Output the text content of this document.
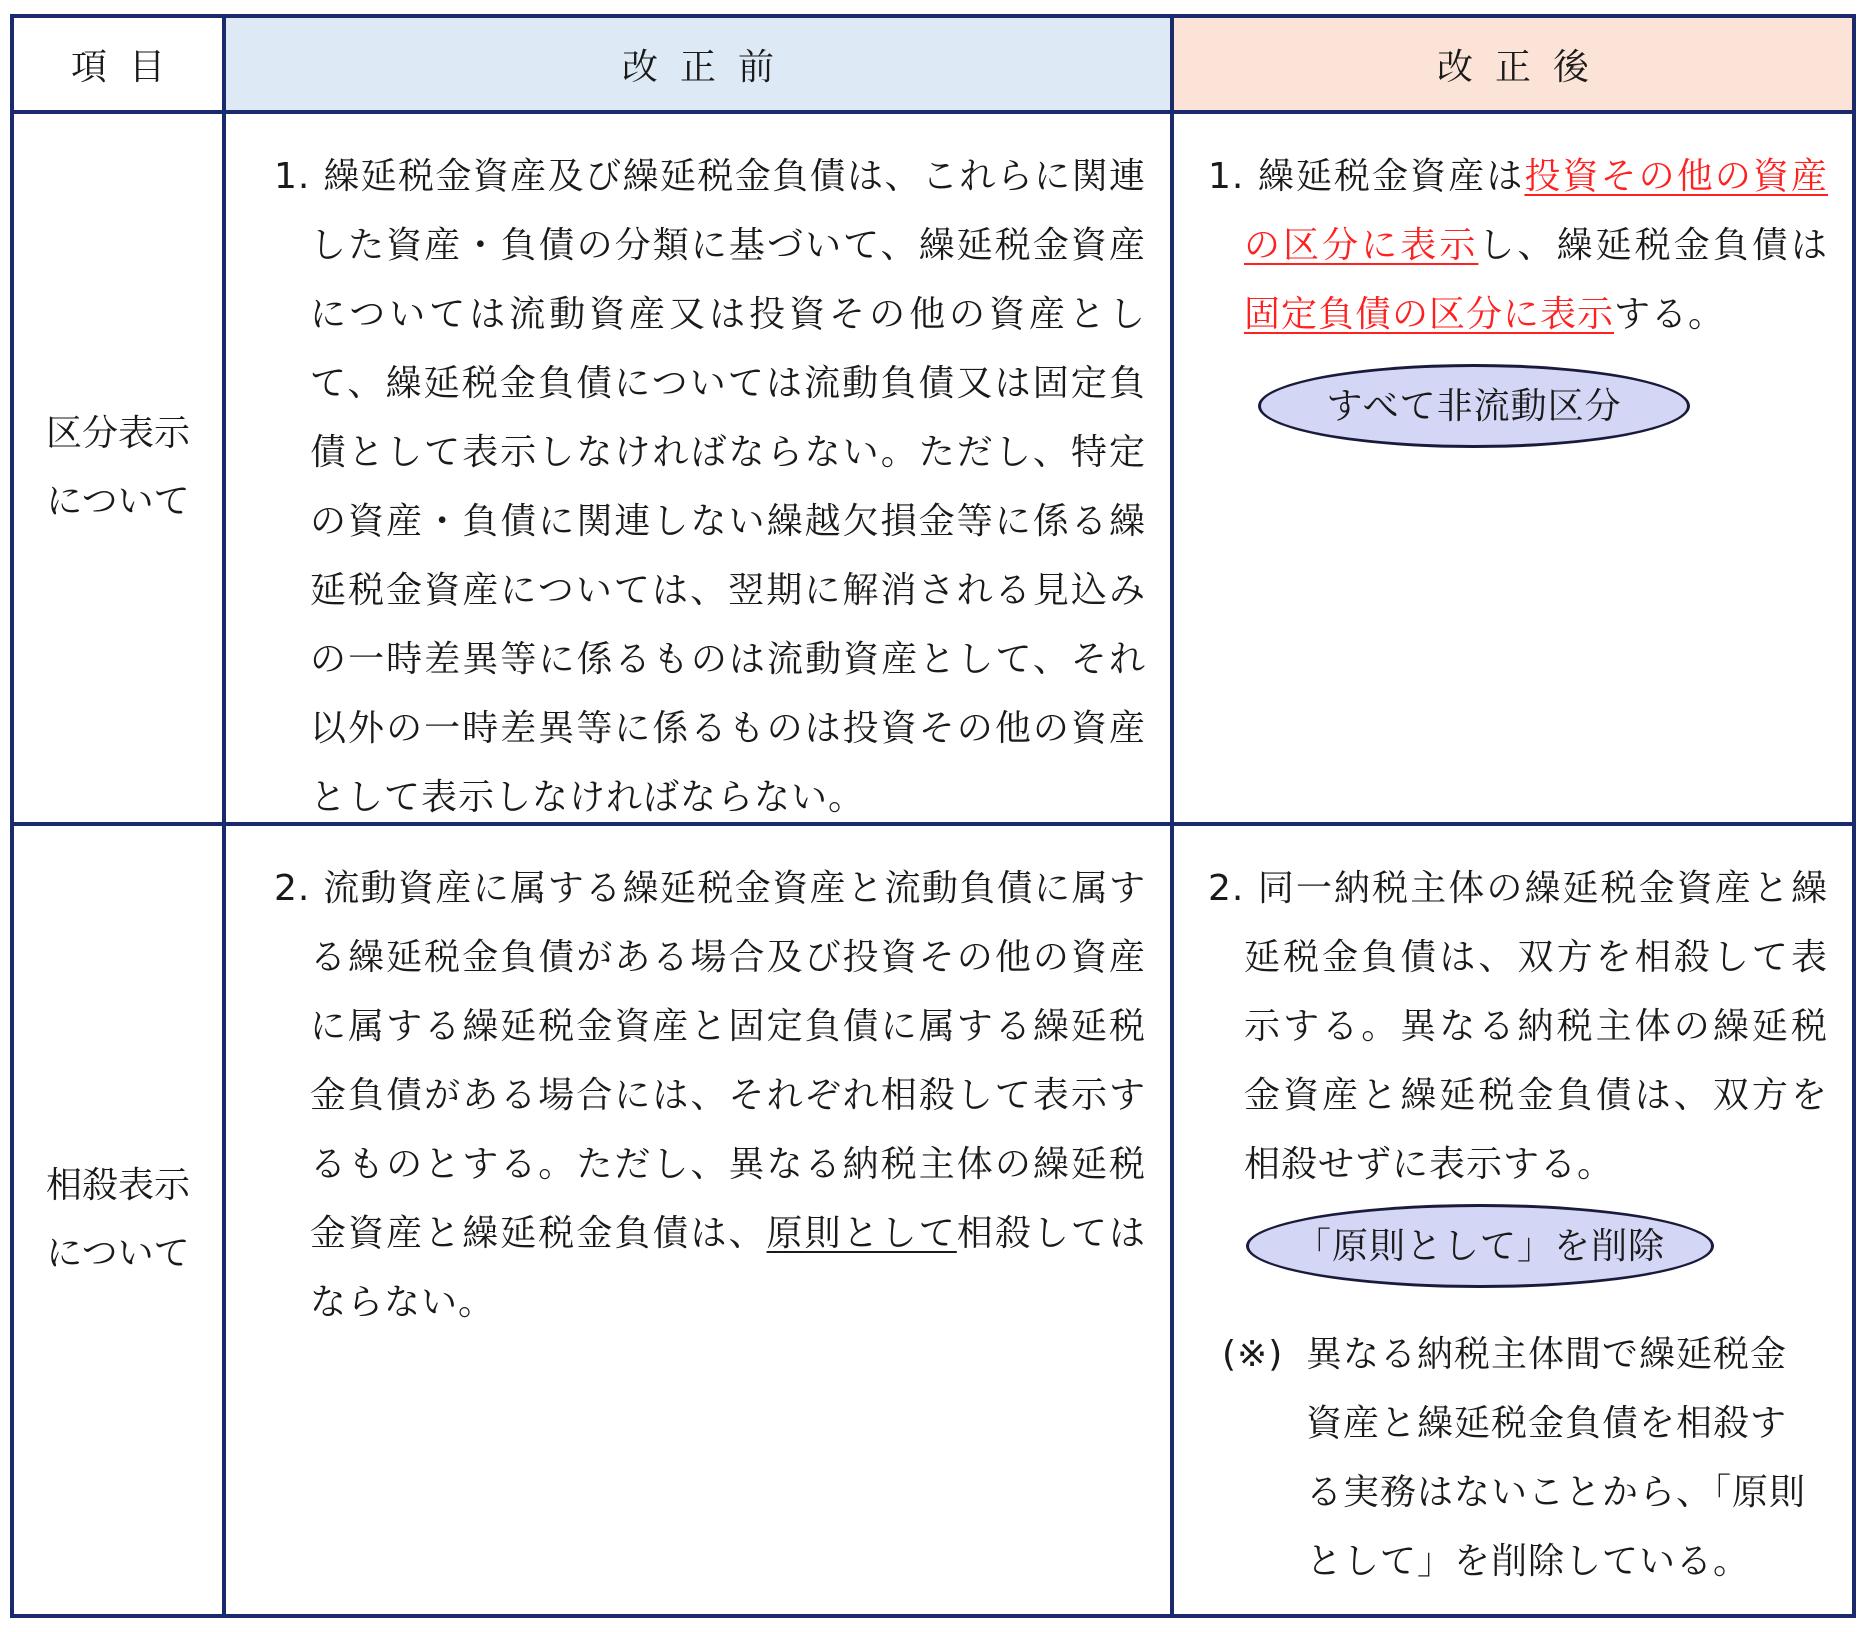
項目	改正前	改正後
区分表示
について

1. 繰延税金資産及び繰延税金負債は、これらに関連した資産・負債の分類に基づいて、繰延税金資産については流動資産又は投資その他の資産として、繰延税金負債については流動負債又は固定負債として表示しなければならない。ただし、特定の資産・負債に関連しない繰越欠損金等に係る繰延税金資産については、翌期に解消される見込みの一時差異等に係るものは流動資産として、それ以外の一時差異等に係るものは投資その他の資産として表示しなければならない。

1. 繰延税金資産は投資その他の資産の区分に表示し、繰延税金負債は固定負債の区分に表示する。

すべて非流動区分
相殺表示
について

2. 流動資産に属する繰延税金資産と流動負債に属する繰延税金負債がある場合及び投資その他の資産に属する繰延税金資産と固定負債に属する繰延税金負債がある場合には、それぞれ相殺して表示するものとする。ただし、異なる納税主体の繰延税金資産と繰延税金負債は、原則として相殺してはならない。

2. 同一納税主体の繰延税金資産と繰延税金負債は、双方を相殺して表示する。異なる納税主体の繰延税金資産と繰延税金負債は、双方を相殺せずに表示する。

「原則として」を削除
(※) 異なる納税主体間で繰延税金資産と繰延税金負債を相殺する実務はないことから、「原則として」を削除している。
